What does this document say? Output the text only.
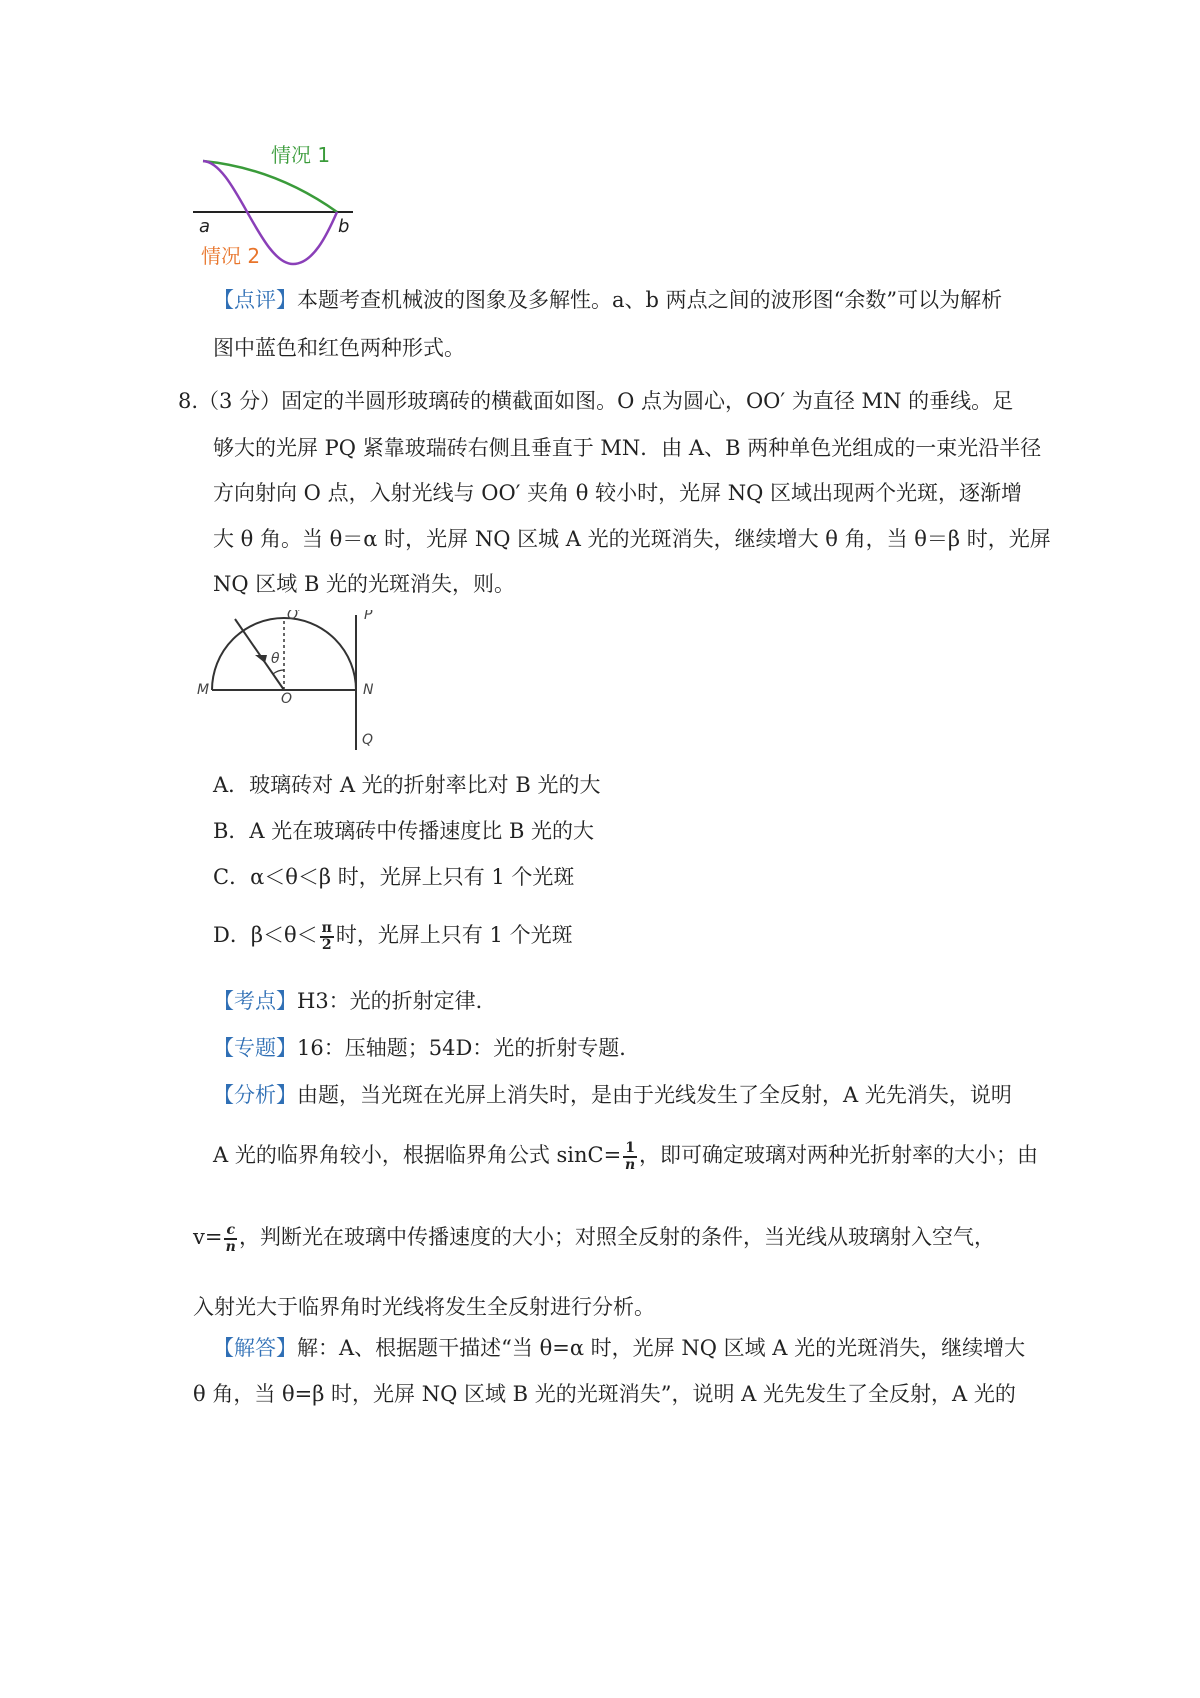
情况 1
情况 2
a	b
【点评】本题考查机械波的图象及多解性。a、b 两点之间的波形图“余数”可以为解析
图中蓝色和红色两种形式。
8.（3 分）固定的半圆形玻璃砖的横截面如图。O 点为圆心，OO′ 为直径 MN 的垂线。足
够大的光屏 PQ 紧靠玻瑞砖右侧且垂直于 MN．由 A、B 两种单色光组成的一束光沿半径
方向射向 O 点，入射光线与 OO′ 夹角 θ 较小时，光屏 NQ 区域出现两个光斑，逐渐增
大 θ 角。当 θ＝α 时，光屏 NQ 区城 A 光的光斑消失，继续增大 θ 角，当 θ＝β 时，光屏
NQ 区域 B 光的光斑消失，则。
O′	P
θ
M
O
N
Q
A．玻璃砖对 A 光的折射率比对 B 光的大
B．A 光在玻璃砖中传播速度比 B 光的大
C．α＜θ＜β 时，光屏上只有 1 个光斑
D．$\beta<\theta< \frac{\pi}{2}$ 时，光屏上只有 1 个光斑
【考点】H3：光的折射定律．
【专题】16：压轴题；54D：光的折射专题．
【分析】由题，当光斑在光屏上消失时，是由于光线发生了全反射，A 光先消失，说明
A 光的临界角较小，根据临界角公式 $\sin C= \frac{1}{n}$ ，即可确定玻璃对两种光折射率的大小；由
$v= \frac{c}{n}$ ，判断光在玻璃中传播速度的大小；对照全反射的条件，当光线从玻璃射入空气，
入射光大于临界角时光线将发生全反射进行分析。
【解答】解：A、根据题干描述“当 θ=α 时，光屏 NQ 区域 A 光的光斑消失，继续增大
θ 角，当 θ=β 时，光屏 NQ 区域 B 光的光斑消失”，说明 A 光先发生了全反射，A 光的
